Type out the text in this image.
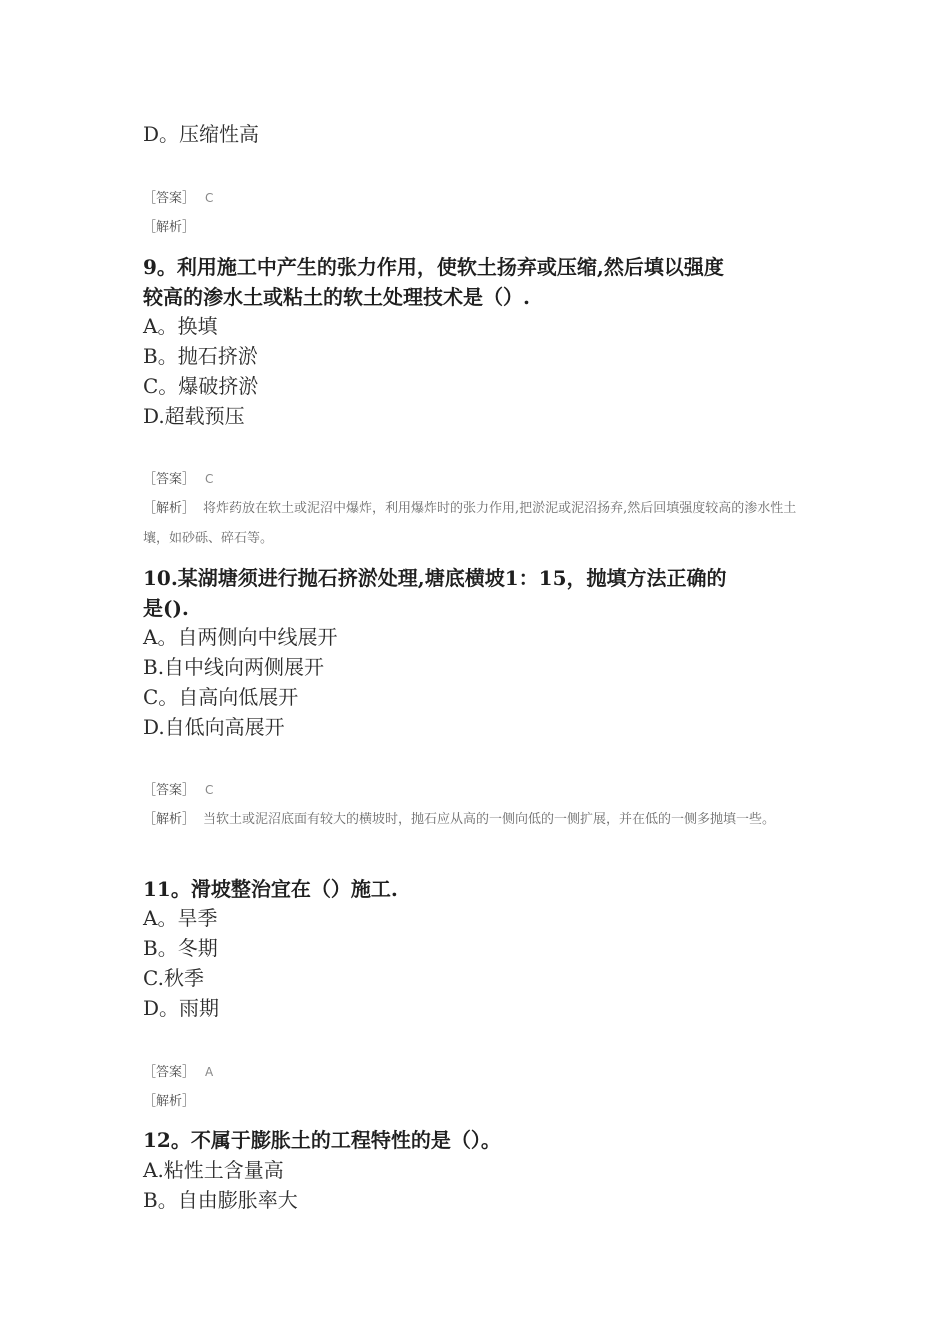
D。压缩性高
［答案］ C
［解析］
9。利用施工中产生的张力作用，使软土扬弃或压缩,然后填以强度
较高的渗水土或粘土的软土处理技术是（）.
A。换填
B。抛石挤淤
C。爆破挤淤
D.超载预压
［答案］ C
［解析］ 将炸药放在软土或泥沼中爆炸，利用爆炸时的张力作用,把淤泥或泥沼扬弃,然后回填强度较高的渗水性土壤，如砂砾、碎石等。
10.某湖塘须进行抛石挤淤处理,塘底横坡1：15，抛填方法正确的
是().
A。自两侧向中线展开
B.自中线向两侧展开
C。自高向低展开
D.自低向高展开
［答案］ C
［解析］ 当软土或泥沼底面有较大的横坡时，抛石应从高的一侧向低的一侧扩展，并在低的一侧多抛填一些。
11。滑坡整治宜在（）施工.
A。旱季
B。冬期
C.秋季
D。雨期
［答案］ A
［解析］
12。不属于膨胀土的工程特性的是（）。
A.粘性土含量高
B。自由膨胀率大
